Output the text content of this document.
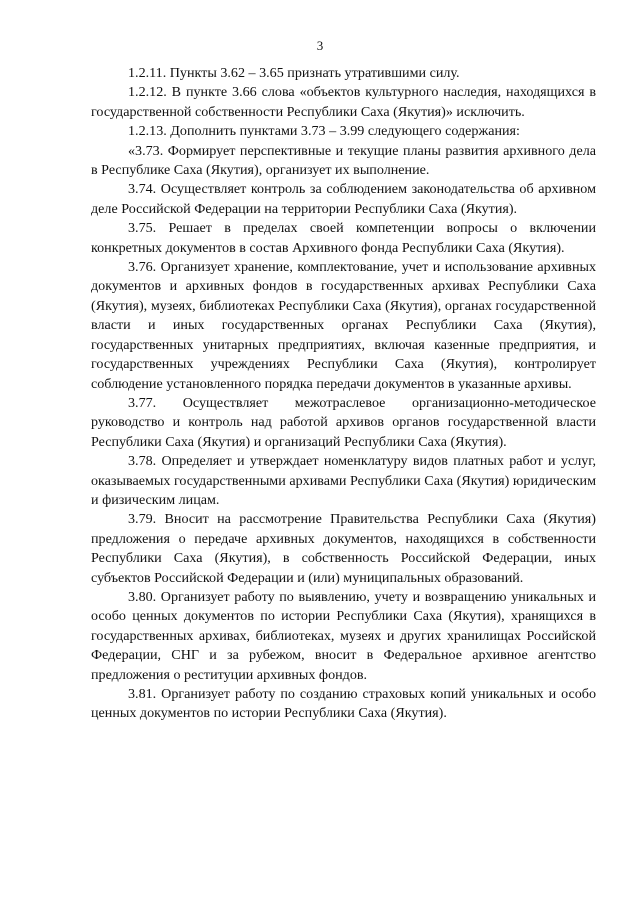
3

1.2.11. Пункты 3.62 – 3.65 признать утратившими силу.

1.2.12. В пункте 3.66 слова «объектов культурного наследия, находящихся в государственной собственности Республики Саха (Якутия)» исключить.

1.2.13. Дополнить пунктами 3.73 – 3.99 следующего содержания:

«3.73. Формирует перспективные и текущие планы развития архивного дела в Республике Саха (Якутия), организует их выполнение.

3.74. Осуществляет контроль за соблюдением законодательства об архивном деле Российской Федерации на территории Республики Саха (Якутия).

3.75. Решает в пределах своей компетенции вопросы о включении конкретных документов в состав Архивного фонда Республики Саха (Якутия).

3.76. Организует хранение, комплектование, учет и использование архивных документов и архивных фондов в государственных архивах Республики Саха (Якутия), музеях, библиотеках Республики Саха (Якутия), органах государственной власти и иных государственных органах Республики Саха (Якутия), государственных унитарных предприятиях, включая казенные предприятия, и государственных учреждениях Республики Саха (Якутия), контролирует соблюдение установленного порядка передачи документов в указанные архивы.

3.77. Осуществляет межотраслевое организационно-методическое руководство и контроль над работой архивов органов государственной власти Республики Саха (Якутия) и организаций Республики Саха (Якутия).

3.78. Определяет и утверждает номенклатуру видов платных работ и услуг, оказываемых государственными архивами Республики Саха (Якутия) юридическим и физическим лицам.

3.79. Вносит на рассмотрение Правительства Республики Саха (Якутия) предложения о передаче архивных документов, находящихся в собственности Республики Саха (Якутия), в собственность Российской Федерации, иных субъектов Российской Федерации и (или) муниципальных образований.

3.80. Организует работу по выявлению, учету и возвращению уникальных и особо ценных документов по истории Республики Саха (Якутия), хранящихся в государственных архивах, библиотеках, музеях и других хранилищах Российской Федерации, СНГ и за рубежом, вносит в Федеральное архивное агентство предложения о реституции архивных фондов.

3.81. Организует работу по созданию страховых копий уникальных и особо ценных документов по истории Республики Саха (Якутия).
